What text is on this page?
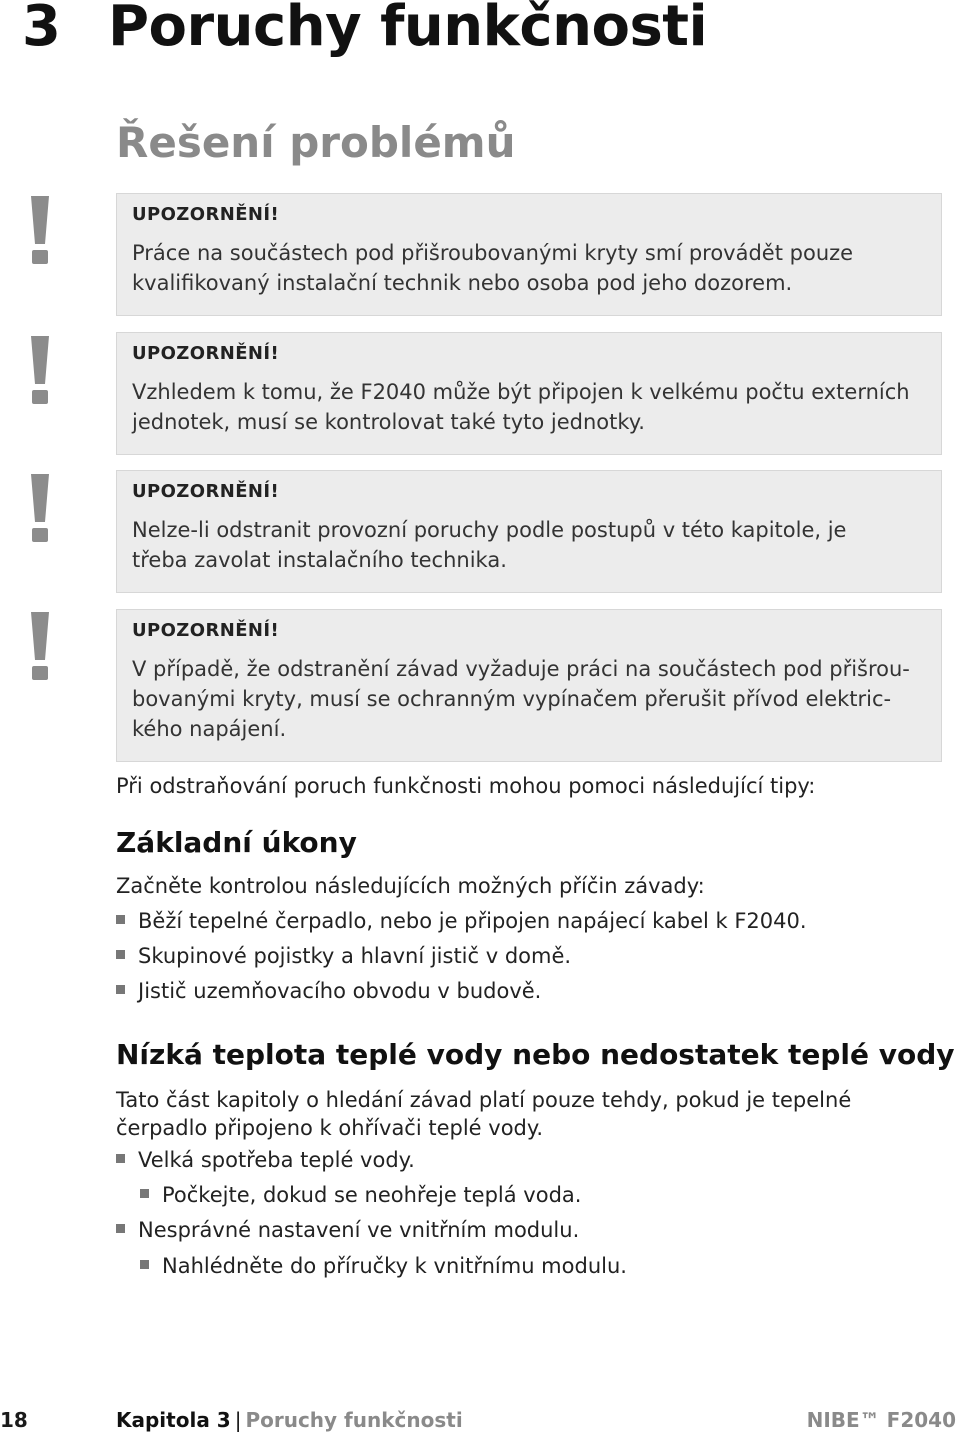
3 Poruchy funkčnosti
Řešení problémů
UPOZORNĚNÍ!
Práce na součástech pod přišroubovanými kryty smí provádět pouze
kvalifikovaný instalační technik nebo osoba pod jeho dozorem.
UPOZORNĚNÍ!
Vzhledem k tomu, že F2040 může být připojen k velkému počtu externích
jednotek, musí se kontrolovat také tyto jednotky.
UPOZORNĚNÍ!
Nelze-li odstranit provozní poruchy podle postupů v této kapitole, je
třeba zavolat instalačního technika.
UPOZORNĚNÍ!
V případě, že odstranění závad vyžaduje práci na součástech pod přišrou-
bovanými kryty, musí se ochranným vypínačem přerušit přívod elektric-
kého napájení.
Při odstraňování poruch funkčnosti mohou pomoci následující tipy:
Základní úkony
Začněte kontrolou následujících možných příčin závady:
Běží tepelné čerpadlo, nebo je připojen napájecí kabel k F2040.
Skupinové pojistky a hlavní jistič v domě.
Jistič uzemňovacího obvodu v budově.
Nízká teplota teplé vody nebo nedostatek teplé vody
Tato část kapitoly o hledání závad platí pouze tehdy, pokud je tepelné
čerpadlo připojeno k ohřívači teplé vody.
Velká spotřeba teplé vody.
Počkejte, dokud se neohřeje teplá voda.
Nesprávné nastavení ve vnitřním modulu.
Nahlédněte do příručky k vnitřnímu modulu.
18	Kapitola 3 | Poruchy funkčnosti	NIBE™ F2040
